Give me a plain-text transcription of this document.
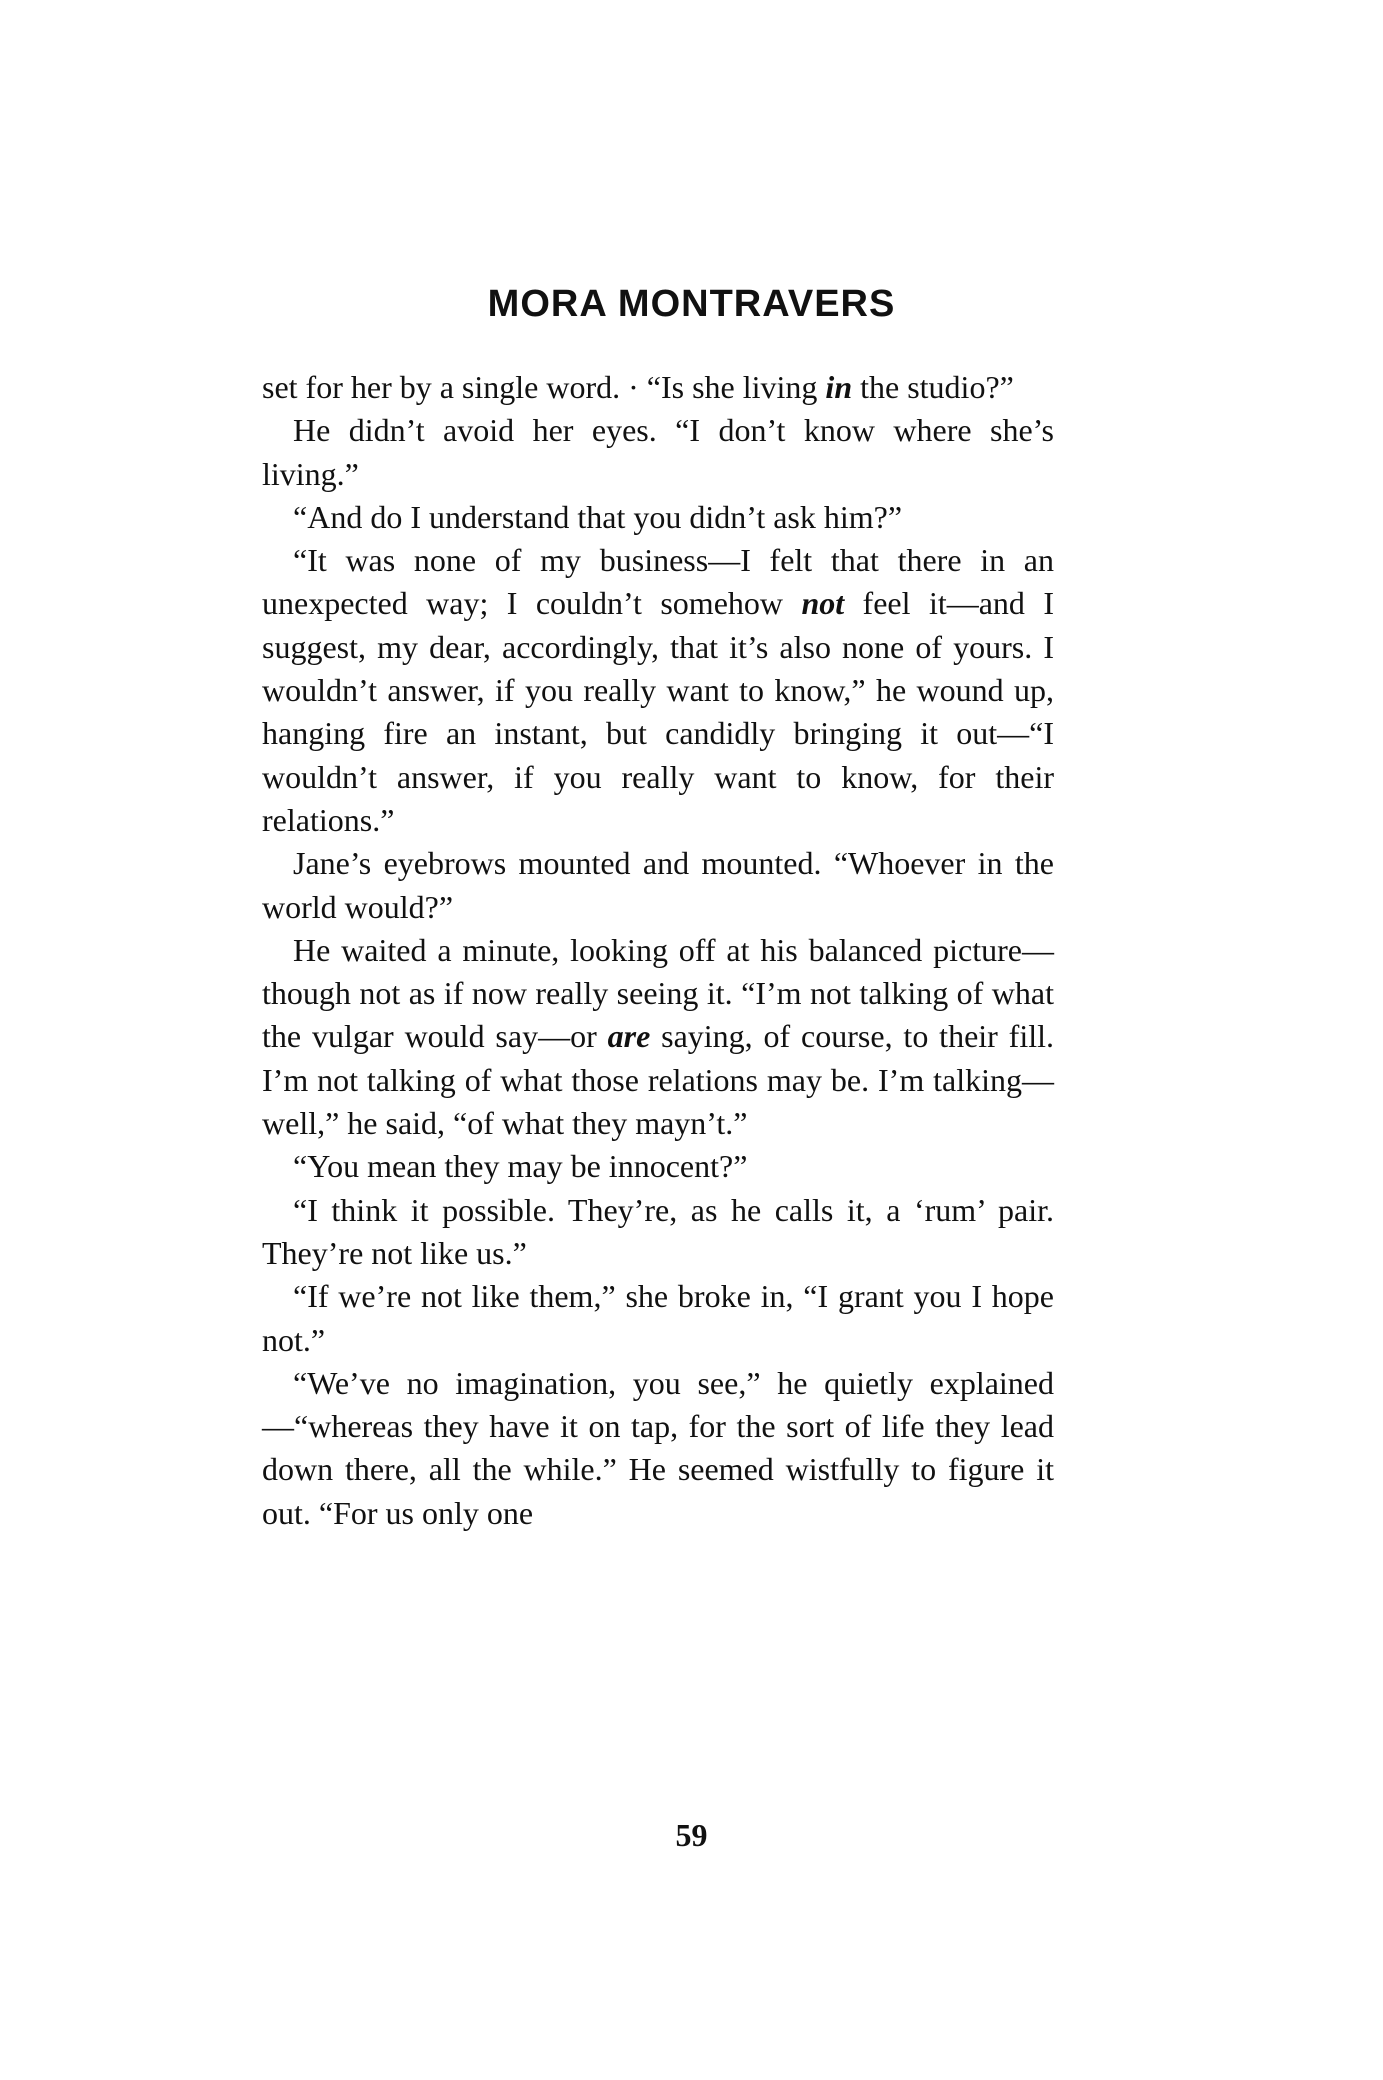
MORA MONTRAVERS

set for her by a single word. · “Is she living in the studio?”

He didn’t avoid her eyes. “I don’t know where she’s living.”

“And do I understand that you didn’t ask him?”

“It was none of my business—I felt that there in an unexpected way; I couldn’t somehow not feel it—and I suggest, my dear, accordingly, that it’s also none of yours. I wouldn’t answer, if you really want to know,” he wound up, hanging fire an instant, but candidly bringing it out—“I wouldn’t answer, if you really want to know, for their relations.”

Jane’s eyebrows mounted and mounted. “Whoever in the world would?”

He waited a minute, looking off at his balanced picture—though not as if now really seeing it. “I’m not talking of what the vulgar would say—or are saying, of course, to their fill. I’m not talking of what those relations may be. I’m talking—well,” he said, “of what they mayn’t.”

“You mean they may be innocent?”

“I think it possible. They’re, as he calls it, a ‘rum’ pair. They’re not like us.”

“If we’re not like them,” she broke in, “I grant you I hope not.”

“We’ve no imagination, you see,” he quietly explained—“whereas they have it on tap, for the sort of life they lead down there, all the while.” He seemed wistfully to figure it out. “For us only one

59
